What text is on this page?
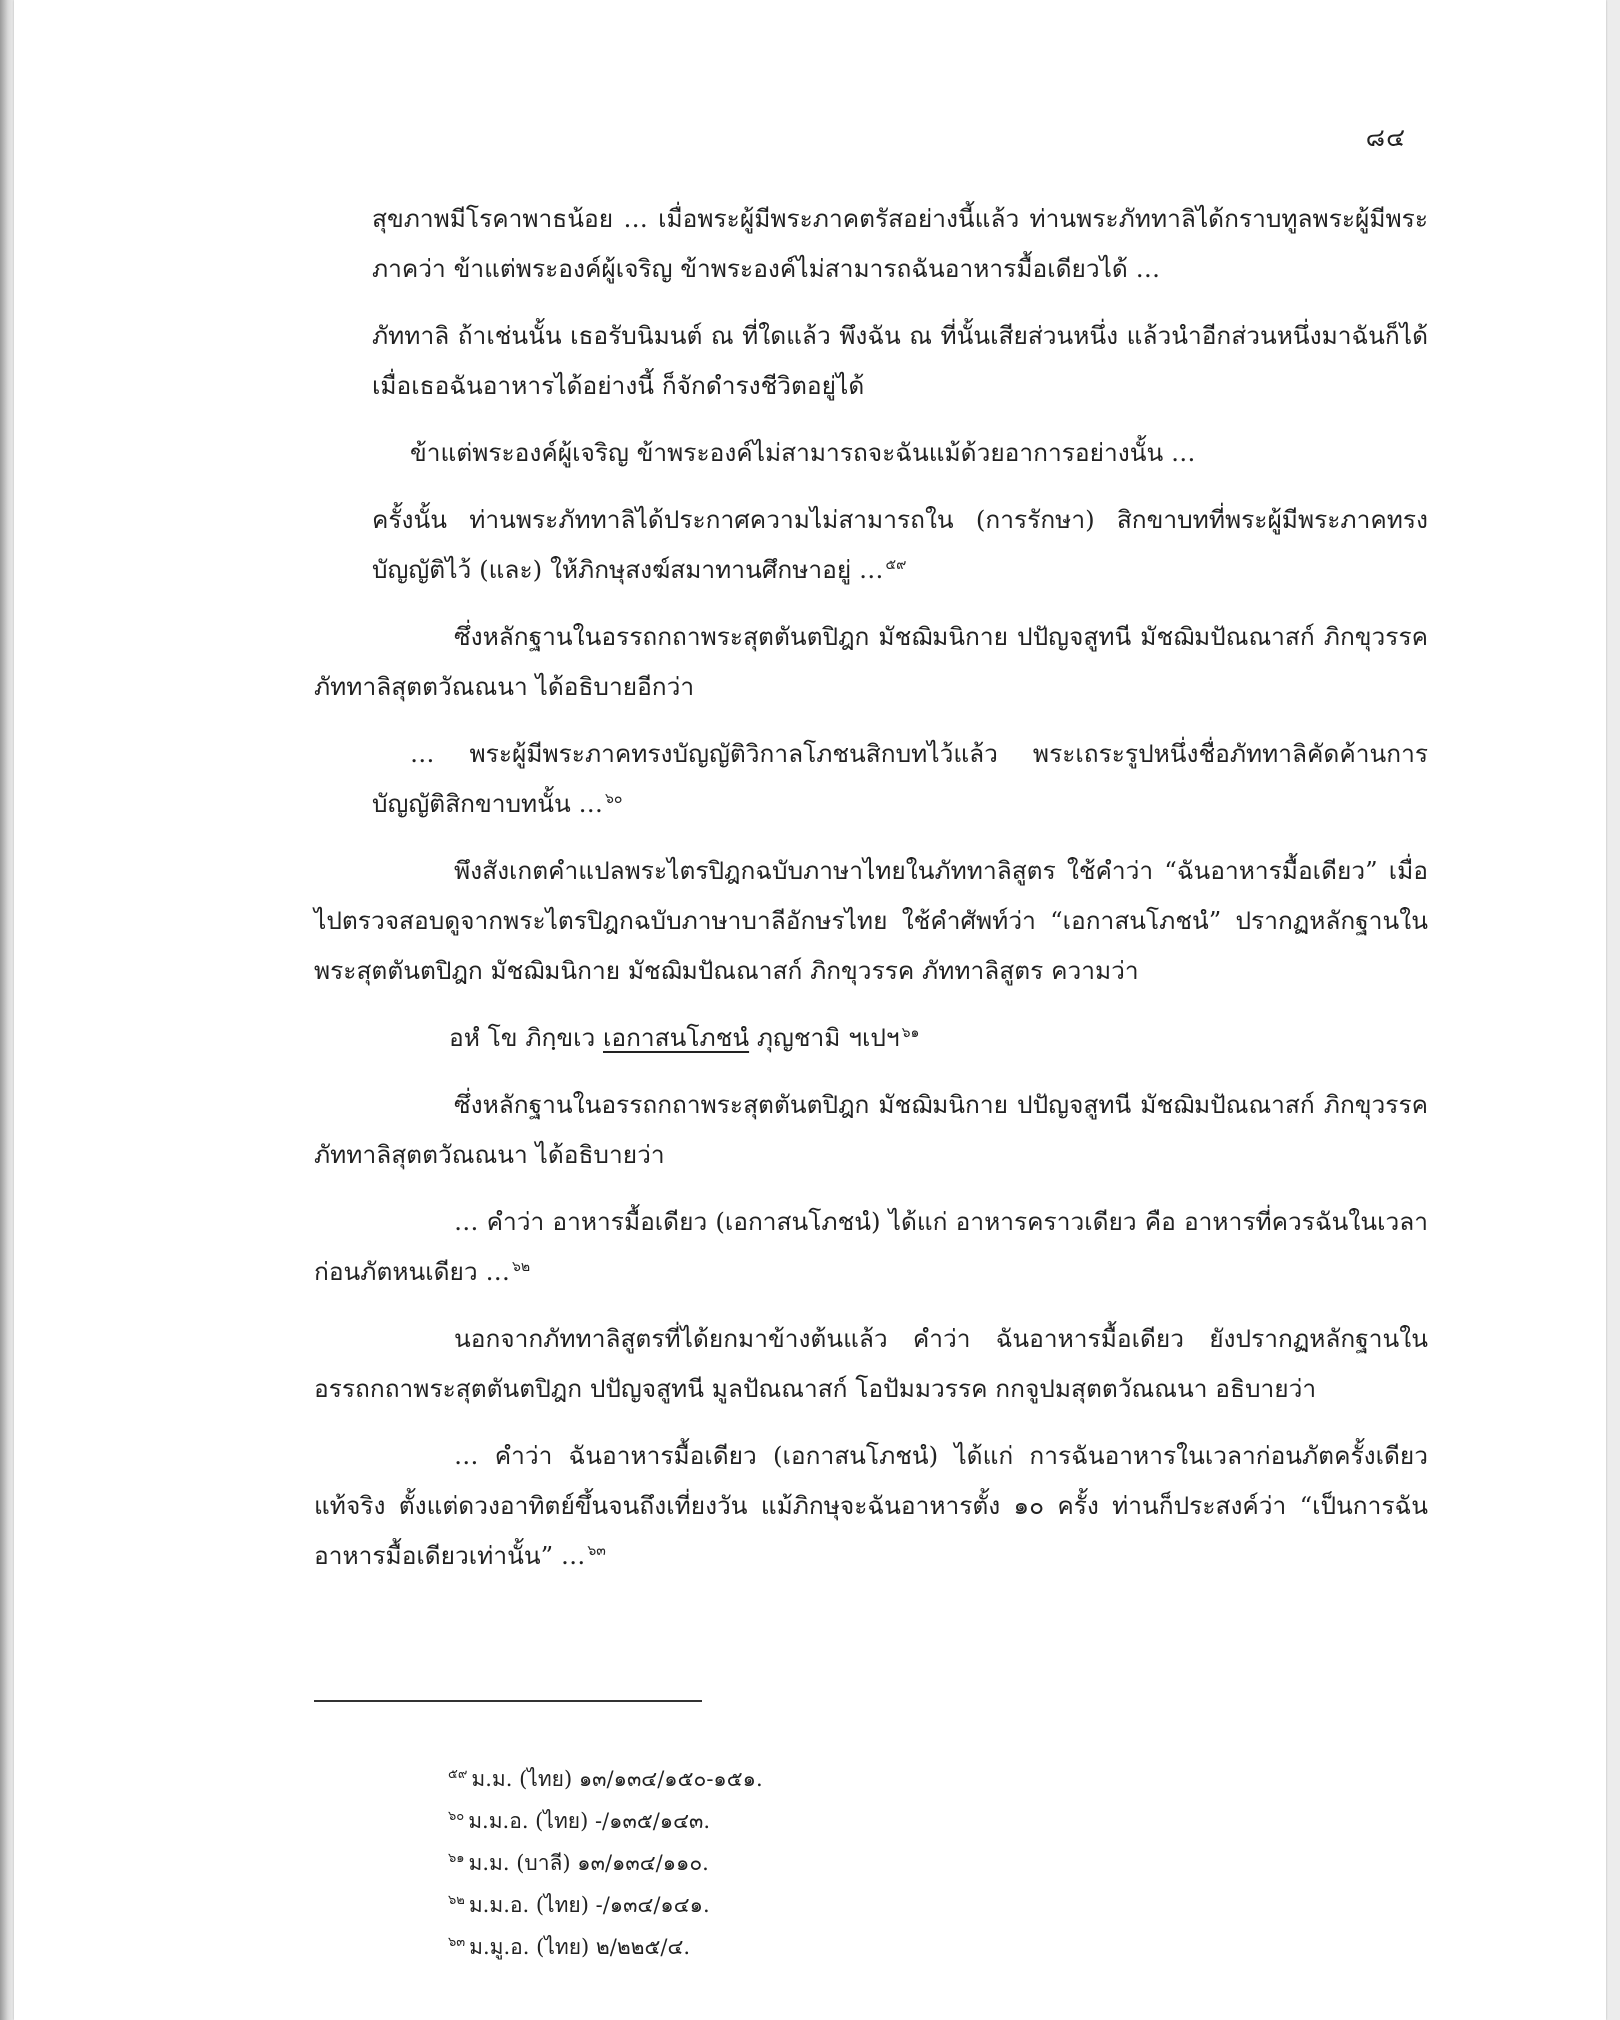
๘๔

สุขภาพมีโรคาพาธน้อย … เมื่อพระผู้มีพระภาคตรัสอย่างนี้แล้ว ท่านพระภัททาลิได้กราบทูลพระผู้มีพระภาคว่า ข้าแต่พระองค์ผู้เจริญ ข้าพระองค์ไม่สามารถฉันอาหารมื้อเดียวได้ …

ภัททาลิ ถ้าเช่นนั้น เธอรับนิมนต์ ณ ที่ใดแล้ว พึงฉัน ณ ที่นั้นเสียส่วนหนึ่ง แล้วนำอีกส่วนหนึ่งมาฉันก็ได้ เมื่อเธอฉันอาหารได้อย่างนี้ ก็จักดำรงชีวิตอยู่ได้

ข้าแต่พระองค์ผู้เจริญ ข้าพระองค์ไม่สามารถจะฉันแม้ด้วยอาการอย่างนั้น …

ครั้งนั้น ท่านพระภัททาลิได้ประกาศความไม่สามารถใน (การรักษา) สิกขาบทที่พระผู้มีพระภาคทรงบัญญัติไว้ (และ) ให้ภิกษุสงฆ์สมาทานศึกษาอยู่ … $^{๕๙}$

ซึ่งหลักฐานในอรรถกถาพระสุตตันตปิฎก มัชฌิมนิกาย ปปัญจสูทนี มัชฌิมปัณณาสก์ ภิกขุวรรค ภัททาลิสุตตวัณณนา ได้อธิบายอีกว่า

… พระผู้มีพระภาคทรงบัญญัติวิกาลโภชนสิกบทไว้แล้ว พระเถระรูปหนึ่งชื่อภัททาลิคัดค้านการบัญญัติสิกขาบทนั้น … $^{๖๐}$

พึงสังเกตคำแปลพระไตรปิฎกฉบับภาษาไทยในภัททาลิสูตร ใช้คำว่า “ฉันอาหารมื้อเดียว” เมื่อไปตรวจสอบดูจากพระไตรปิฎกฉบับภาษาบาลีอักษรไทย ใช้คำศัพท์ว่า “เอกาสนโภชนํ” ปรากฏหลักฐานในพระสุตตันตปิฎก มัชฌิมนิกาย มัชฌิมปัณณาสก์ ภิกขุวรรค ภัททาลิสูตร ความว่า

อหํ โข ภิกฺขเว เอกาสนโภชนํ ภุญชามิ ฯเปฯ $^{๖๑}$

ซึ่งหลักฐานในอรรถกถาพระสุตตันตปิฎก มัชฌิมนิกาย ปปัญจสูทนี มัชฌิมปัณณาสก์ ภิกขุวรรค ภัททาลิสุตตวัณณนา ได้อธิบายว่า

… คำว่า อาหารมื้อเดียว (เอกาสนโภชนํ) ได้แก่ อาหารคราวเดียว คือ อาหารที่ควรฉันในเวลาก่อนภัตหนเดียว … $^{๖๒}$

นอกจากภัททาลิสูตรที่ได้ยกมาข้างต้นแล้ว คำว่า ฉันอาหารมื้อเดียว ยังปรากฏหลักฐานในอรรถกถาพระสุตตันตปิฎก ปปัญจสูทนี มูลปัณณาสก์ โอปัมมวรรค กกจูปมสุตตวัณณนา อธิบายว่า

… คำว่า ฉันอาหารมื้อเดียว (เอกาสนโภชนํ) ได้แก่ การฉันอาหารในเวลาก่อนภัตครั้งเดียวแท้จริง ตั้งแต่ดวงอาทิตย์ขึ้นจนถึงเที่ยงวัน แม้ภิกษุจะฉันอาหารตั้ง ๑๐ ครั้ง ท่านก็ประสงค์ว่า “เป็นการฉันอาหารมื้อเดียวเท่านั้น” … $^{๖๓}$

$^{๕๙}$ ม.ม. (ไทย) ๑๓/๑๓๔/๑๕๐-๑๕๑.
$^{๖๐}$ ม.ม.อ. (ไทย) -/๑๓๕/๑๔๓.
$^{๖๑}$ ม.ม. (บาลี) ๑๓/๑๓๔/๑๑๐.
$^{๖๒}$ ม.ม.อ. (ไทย) -/๑๓๔/๑๔๑.
$^{๖๓}$ ม.มู.อ. (ไทย) ๒/๒๒๕/๔.
